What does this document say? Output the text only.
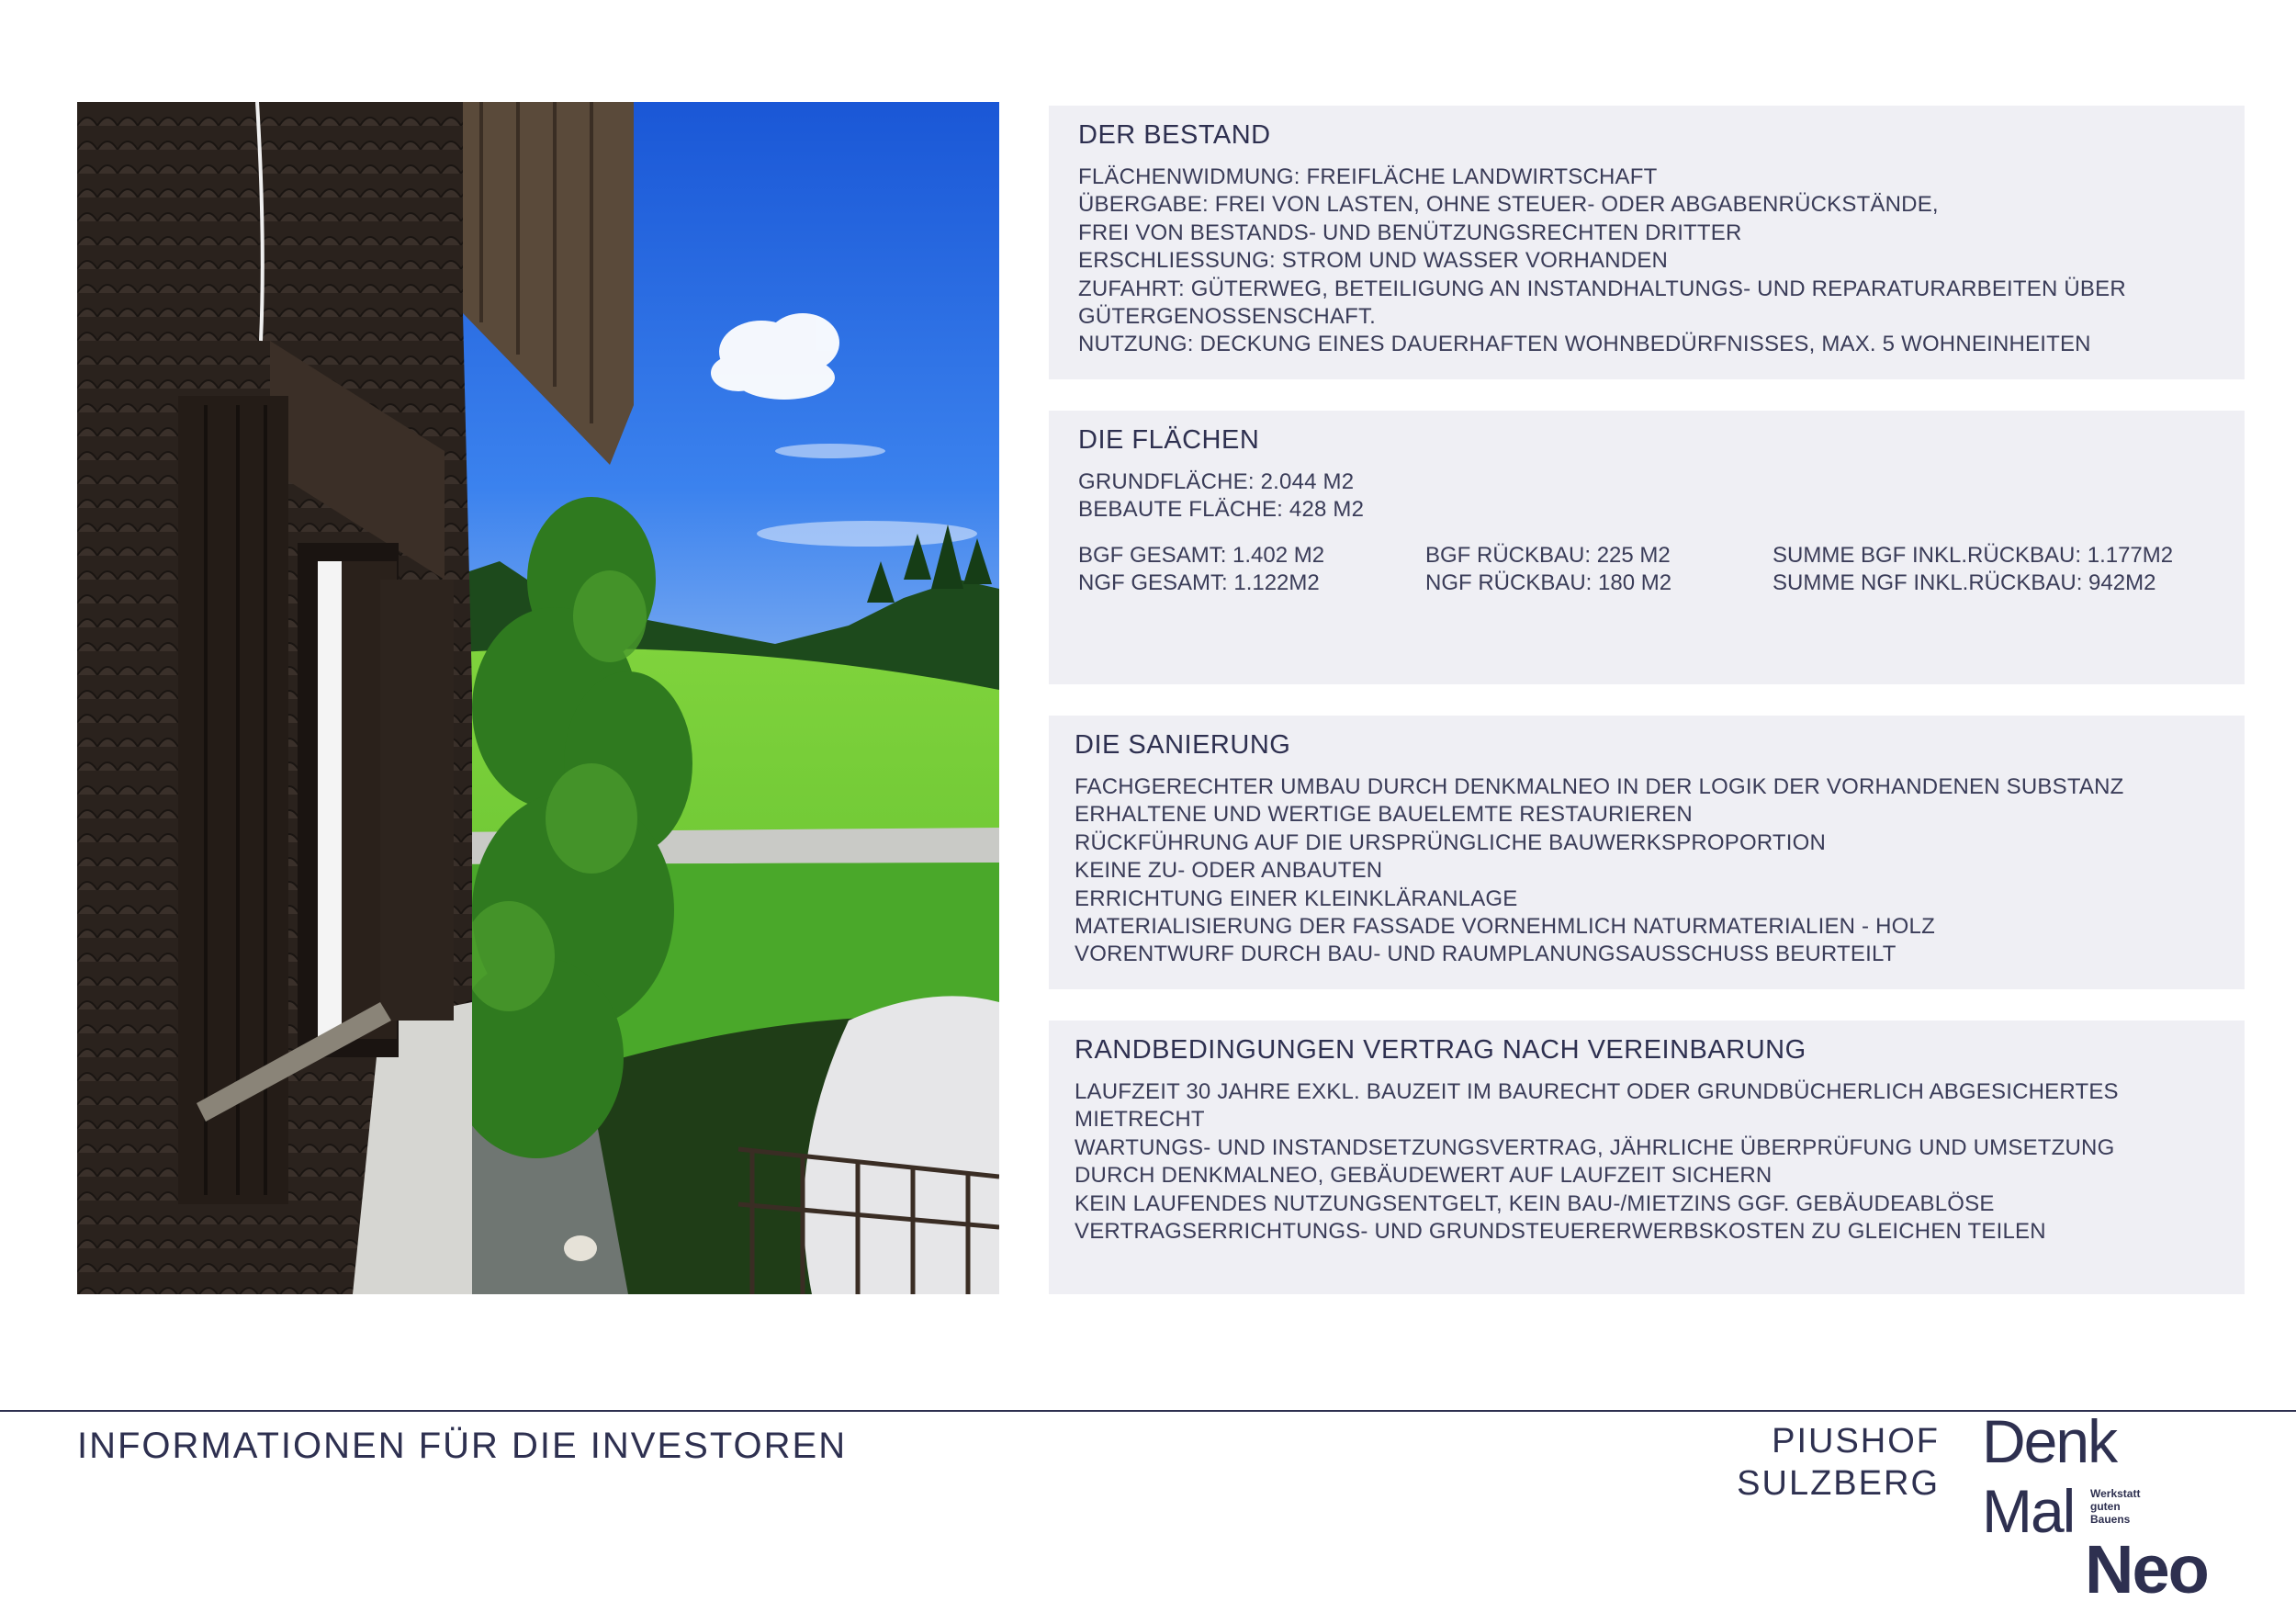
DER BESTAND
FLÄCHENWIDMUNG: FREIFLÄCHE LANDWIRTSCHAFT
ÜBERGABE: FREI VON LASTEN, OHNE STEUER- ODER ABGABENRÜCKSTÄNDE,
FREI VON BESTANDS- UND BENÜTZUNGSRECHTEN DRITTER
ERSCHLIESSUNG: STROM UND WASSER VORHANDEN
ZUFAHRT: GÜTERWEG, BETEILIGUNG AN INSTANDHALTUNGS- UND REPARATURARBEITEN ÜBER
GÜTERGENOSSENSCHAFT.
NUTZUNG: DECKUNG EINES DAUERHAFTEN WOHNBEDÜRFNISSES, MAX. 5 WOHNEINHEITEN
DIE FLÄCHEN
GRUNDFLÄCHE: 2.044 M2
BEBAUTE FLÄCHE: 428 M2
BGF GESAMT: 1.402 M2
NGF GESAMT: 1.122M2
BGF RÜCKBAU: 225 M2
NGF RÜCKBAU: 180 M2
SUMME BGF INKL.RÜCKBAU: 1.177M2
SUMME NGF INKL.RÜCKBAU: 942M2
DIE SANIERUNG
FACHGERECHTER UMBAU DURCH DENKMALNEO IN DER LOGIK DER VORHANDENEN SUBSTANZ
ERHALTENE UND WERTIGE BAUELEMTE RESTAURIEREN
RÜCKFÜHRUNG AUF DIE URSPRÜNGLICHE BAUWERKSPROPORTION
KEINE ZU- ODER ANBAUTEN
ERRICHTUNG EINER KLEINKLÄRANLAGE
MATERIALISIERUNG DER FASSADE VORNEHMLICH NATURMATERIALIEN - HOLZ
VORENTWURF DURCH BAU- UND RAUMPLANUNGSAUSSCHUSS BEURTEILT
RANDBEDINGUNGEN VERTRAG NACH VEREINBARUNG
LAUFZEIT 30 JAHRE EXKL. BAUZEIT IM BAURECHT ODER GRUNDBÜCHERLICH ABGESICHERTES
MIETRECHT
WARTUNGS- UND INSTANDSETZUNGSVERTRAG, JÄHRLICHE ÜBERPRÜFUNG UND UMSETZUNG
DURCH DENKMALNEO, GEBÄUDEWERT AUF LAUFZEIT SICHERN
KEIN LAUFENDES NUTZUNGSENTGELT, KEIN BAU-/MIETZINS GGF. GEBÄUDEABLÖSE
VERTRAGSERRICHTUNGS- UND GRUNDSTEUERERWERBSKOSTEN ZU GLEICHEN TEILEN
INFORMATIONEN FÜR DIE INVESTOREN	PIUSHOF
SULZBERG
Denk
Mal Werkstatt
guten
Bauens
Neo
